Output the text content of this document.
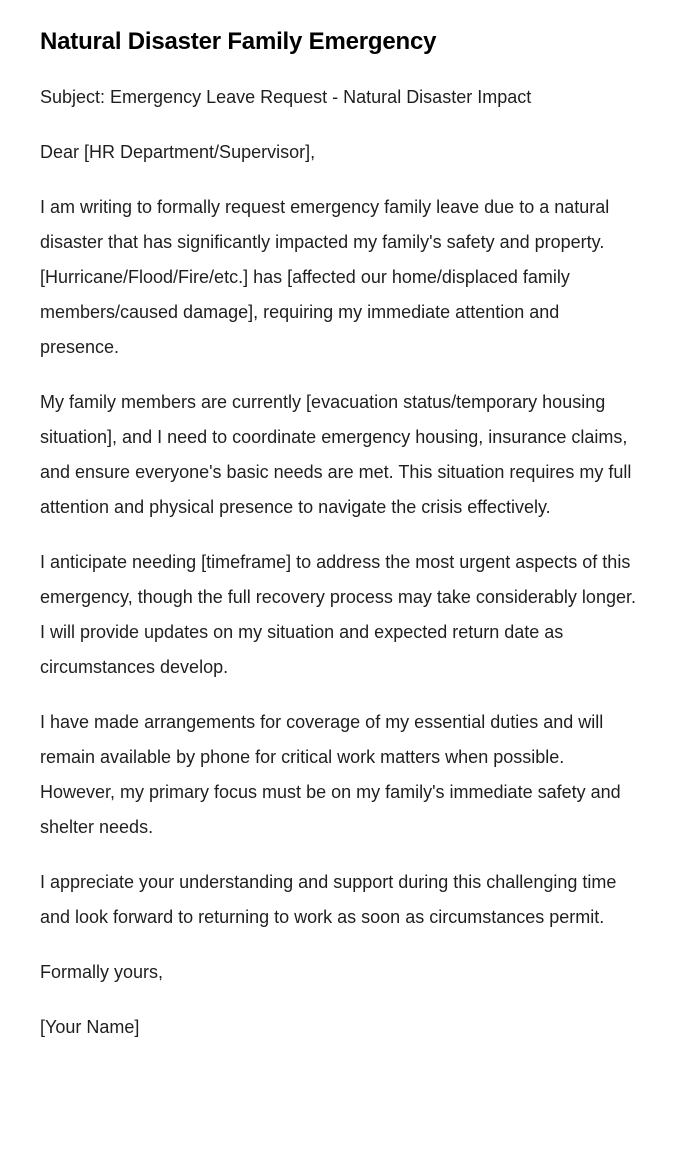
Natural Disaster Family Emergency

Subject: Emergency Leave Request - Natural Disaster Impact

Dear [HR Department/Supervisor],

I am writing to formally request emergency family leave due to a natural disaster that has significantly impacted my family's safety and property. [Hurricane/Flood/Fire/etc.] has [affected our home/displaced family members/caused damage], requiring my immediate attention and presence.

My family members are currently [evacuation status/temporary housing situation], and I need to coordinate emergency housing, insurance claims, and ensure everyone's basic needs are met. This situation requires my full attention and physical presence to navigate the crisis effectively.

I anticipate needing [timeframe] to address the most urgent aspects of this emergency, though the full recovery process may take considerably longer. I will provide updates on my situation and expected return date as circumstances develop.

I have made arrangements for coverage of my essential duties and will remain available by phone for critical work matters when possible. However, my primary focus must be on my family's immediate safety and shelter needs.

I appreciate your understanding and support during this challenging time and look forward to returning to work as soon as circumstances permit.

Formally yours,

[Your Name]
